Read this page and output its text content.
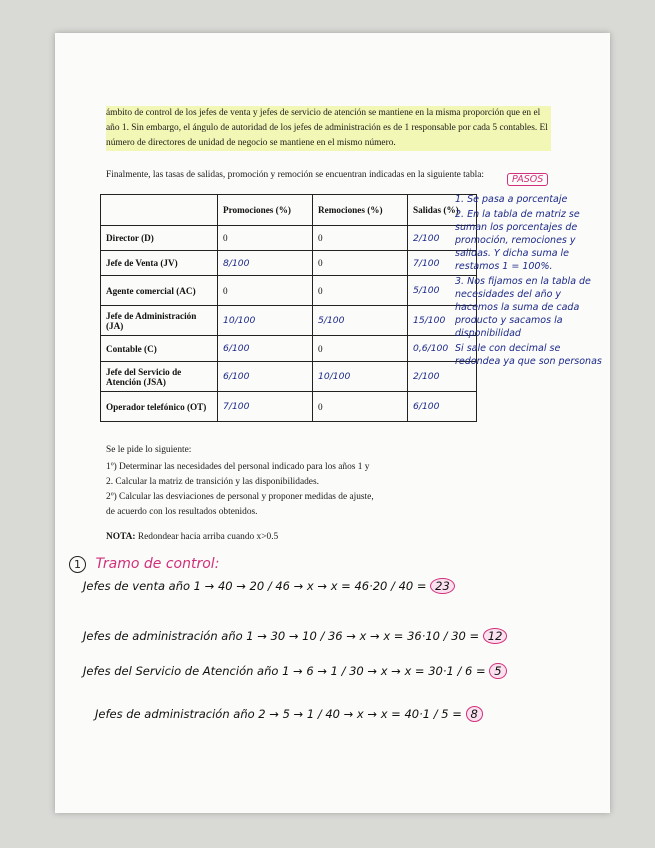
ámbito de control de los jefes de venta y jefes de servicio de atención se mantiene en la misma proporción que en el año 1. Sin embargo, el ángulo de autoridad de los jefes de administración es de 1 responsable por cada 5 contables. El número de directores de unidad de negocio se mantiene en el mismo número.
Finalmente, las tasas de salidas, promoción y remoción se encuentran indicadas en la siguiente tabla:
	Promociones (%)	Remociones (%)	Salidas (%)
Director (D)	0	0	2/100
Jefe de Venta (JV)	8/100	0	7/100
Agente comercial (AC)	0	0	5/100
Jefe de Administración (JA)	10/100	5/100	15/100
Contable (C)	6/100	0	0,6/100
Jefe del Servicio de Atención (JSA)	6/100	10/100	2/100
Operador telefónico (OT)	7/100	0	6/100
PASOS
1. Se pasa a porcentaje
2. En la tabla de matriz se suman los porcentajes de promoción, remociones y salidas. Y dicha suma le restamos 1 = 100%.
3. Nos fijamos en la tabla de necesidades del año y hacemos la suma de cada producto y sacamos la disponibilidad
Si sale con decimal se redondea ya que son personas
Se le pide lo siguiente:
1º) Determinar las necesidades del personal indicado para los años 1 y
2. Calcular la matriz de transición y las disponibilidades.
2º) Calcular las desviaciones de personal y proponer medidas de ajuste,
de acuerdo con los resultados obtenidos.
NOTA: Redondear hacia arriba cuando x>0.5
1 Tramo de control:
Jefes de venta año 1 → 40 → 20 / 46 → x → x = 46·20 / 40 = 23
Jefes de administración año 1 → 30 → 10 / 36 → x → x = 36·10 / 30 = 12
Jefes del Servicio de Atención año 1 → 6 → 1 / 30 → x → x = 30·1 / 6 = 5
Jefes de administración año 2 → 5 → 1 / 40 → x → x = 40·1 / 5 = 8
